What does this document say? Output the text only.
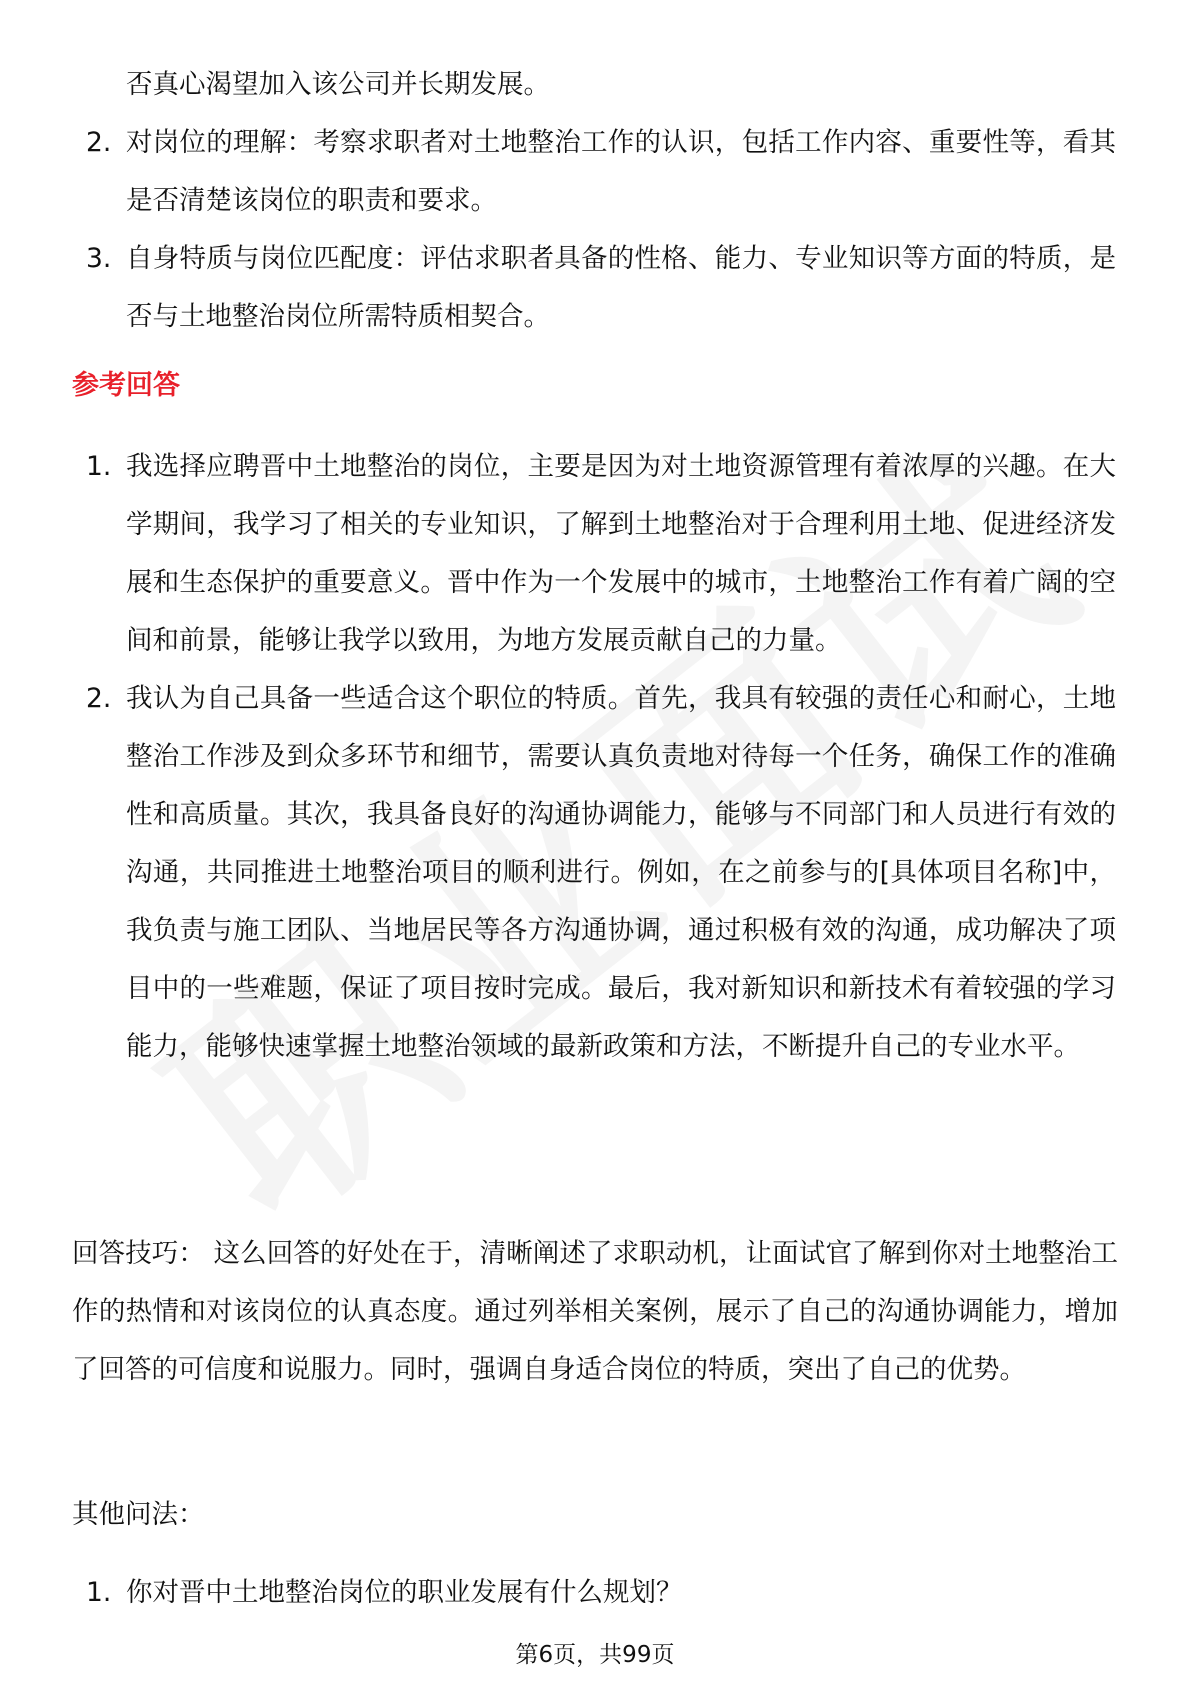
否真心渴望加入该公司并长期发展。

2. 对岗位的理解：考察求职者对土地整治工作的认识，包括工作内容、重要性等，看其是否清楚该岗位的职责和要求。
3. 自身特质与岗位匹配度：评估求职者具备的性格、能力、专业知识等方面的特质，是否与土地整治岗位所需特质相契合。
参考回答
1. 我选择应聘晋中土地整治的岗位，主要是因为对土地资源管理有着浓厚的兴趣。在大学期间，我学习了相关的专业知识，了解到土地整治对于合理利用土地、促进经济发展和生态保护的重要意义。晋中作为一个发展中的城市，土地整治工作有着广阔的空间和前景，能够让我学以致用，为地方发展贡献自己的力量。
2. 我认为自己具备一些适合这个职位的特质。首先，我具有较强的责任心和耐心，土地整治工作涉及到众多环节和细节，需要认真负责地对待每一个任务，确保工作的准确性和高质量。其次，我具备良好的沟通协调能力，能够与不同部门和人员进行有效的沟通，共同推进土地整治项目的顺利进行。例如，在之前参与的[具体项目名称]中，我负责与施工团队、当地居民等各方沟通协调，通过积极有效的沟通，成功解决了项目中的一些难题，保证了项目按时完成。最后，我对新知识和新技术有着较强的学习能力，能够快速掌握土地整治领域的最新政策和方法，不断提升自己的专业水平。

回答技巧： 这么回答的好处在于，清晰阐述了求职动机，让面试官了解到你对土地整治工作的热情和对该岗位的认真态度。通过列举相关案例，展示了自己的沟通协调能力，增加了回答的可信度和说服力。同时，强调自身适合岗位的特质，突出了自己的优势。

其他问法：

1. 你对晋中土地整治岗位的职业发展有什么规划？
第6页，共99页
